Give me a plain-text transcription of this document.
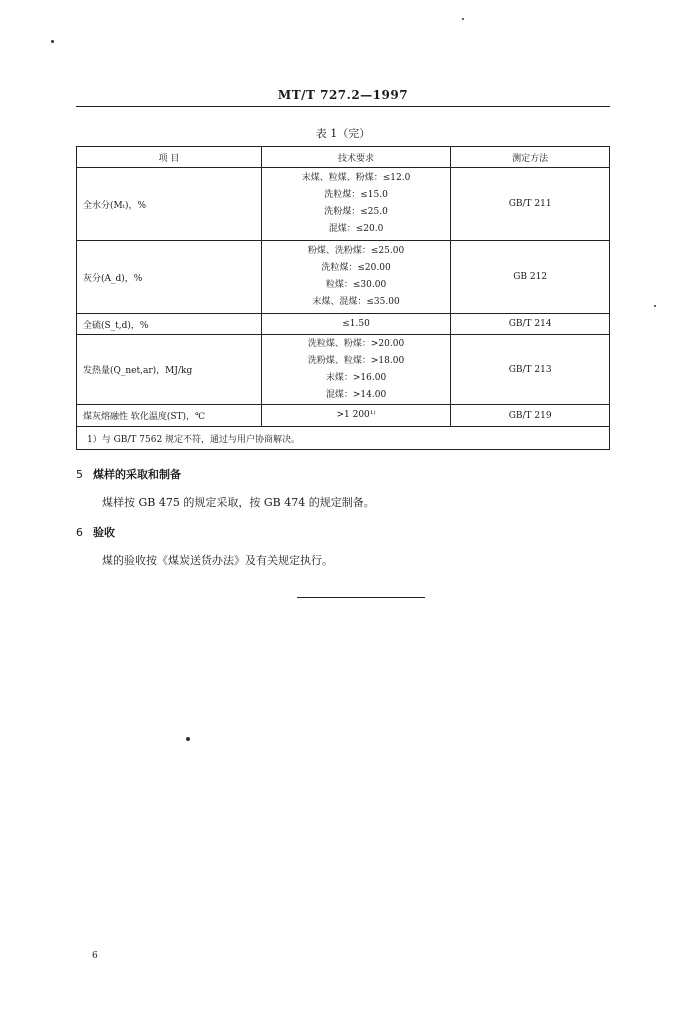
MT/T 727.2—1997
表 1（完）
项 目	技术要求	测定方法
全水分(Mₜ)，%	末煤、粒煤、粉煤：≤12.0
洗粒煤：≤15.0
洗粉煤：≤25.0
混煤：≤20.0	GB/T 211
灰分(A_d)，%	粉煤、洗粉煤：≤25.00
洗粒煤：≤20.00
粒煤：≤30.00
末煤、混煤：≤35.00	GB 212
全硫(S_t,d)，%	≤1.50	GB/T 214
发热量(Q_net,ar)，MJ/kg	洗粒煤、粉煤：>20.00
洗粉煤、粒煤：>18.00
末煤：>16.00
混煤：>14.00	GB/T 213
煤灰熔融性 软化温度(ST)，℃	>1 200¹⁾	GB/T 219
1）与 GB/T 7562 规定不符，通过与用户协商解决。		
5 煤样的采取和制备
煤样按 GB 475 的规定采取，按 GB 474 的规定制备。
6 验收
煤的验收按《煤炭送货办法》及有关规定执行。
6
